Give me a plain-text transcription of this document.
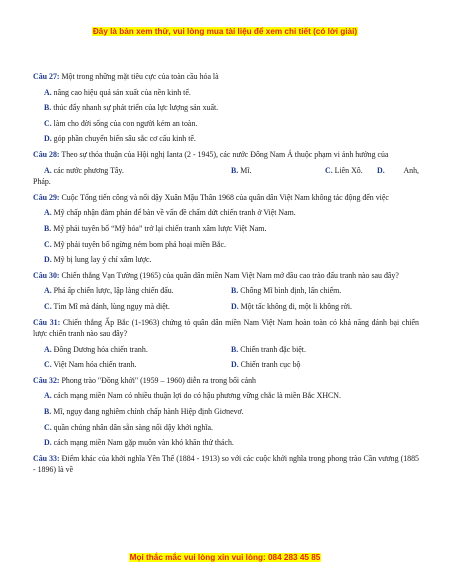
Đây là bản xem thử, vui lòng mua tài liệu để xem chi tiết (có lời giải)
Câu 27: Một trong những mặt tiêu cực của toàn cầu hóa là
A. nâng cao hiệu quả sản xuất của nền kinh tế.
B. thúc đẩy nhanh sự phát triển của lực lượng sản xuất.
C. làm cho đời sống của con người kém an toàn.
D. góp phần chuyển biến sâu sắc cơ cấu kinh tế.
Câu 28: Theo sự thỏa thuận của Hội nghị Ianta (2 - 1945), các nước Đông Nam Á thuộc phạm vi ảnh hưởng của
A. các nước phương Tây.	B. Mĩ.	C. Liên Xô.	D. Anh,
Pháp.
Câu 29: Cuộc Tổng tiến công và nổi dậy Xuân Mậu Thân 1968 của quân dân Việt Nam không tác động đến việc
A. Mỹ chấp nhận đàm phán để bàn về vấn đề chấm dứt chiến tranh ở Việt Nam.
B. Mỹ phải tuyên bố “Mỹ hóa” trở lại chiến tranh xâm lược Việt Nam.
C. Mỹ phải tuyên bố ngừng ném bom phá hoại miền Bắc.
D. Mỹ bị lung lay ý chí xâm lược.
Câu 30: Chiến thắng Vạn Tường (1965) của quân dân miền Nam Việt Nam mở đầu cao trào đấu tranh nào sau đây?
A. Phá ấp chiến lược, lập làng chiến đấu.	B. Chống Mĩ bình định, lấn chiếm.
C. Tìm Mĩ mà đánh, lùng ngụy mà diệt.	D. Một tấc không đi, một li không rời.
Câu 31: Chiến thắng Ấp Bắc (1-1963) chứng tỏ quân dân miền Nam Việt Nam hoàn toàn có khả năng đánh bại chiến lược chiến tranh nào sau đây?
A. Đông Dương hóa chiến tranh.	B. Chiến tranh đặc biệt.
C. Việt Nam hóa chiến tranh.	D. Chiến tranh cục bộ
Câu 32: Phong trào "Đồng khởi" (1959 – 1960) diễn ra trong bối cảnh
A. cách mạng miền Nam có nhiều thuận lợi do có hậu phương vững chắc là miền Bắc XHCN.
B. Mĩ, ngụy đang nghiêm chỉnh chấp hành Hiệp định Giơnevơ.
C. quần chúng nhân dân sẵn sàng nổi dậy khởi nghĩa.
D. cách mạng miền Nam gặp muôn vàn khó khăn thử thách.
Câu 33: Điểm khác của khởi nghĩa Yên Thế (1884 - 1913) so với các cuộc khởi nghĩa trong phong trào Cần vương (1885 - 1896) là về
Mọi thắc mắc vui lòng xin vui lòng: 084 283 45 85
